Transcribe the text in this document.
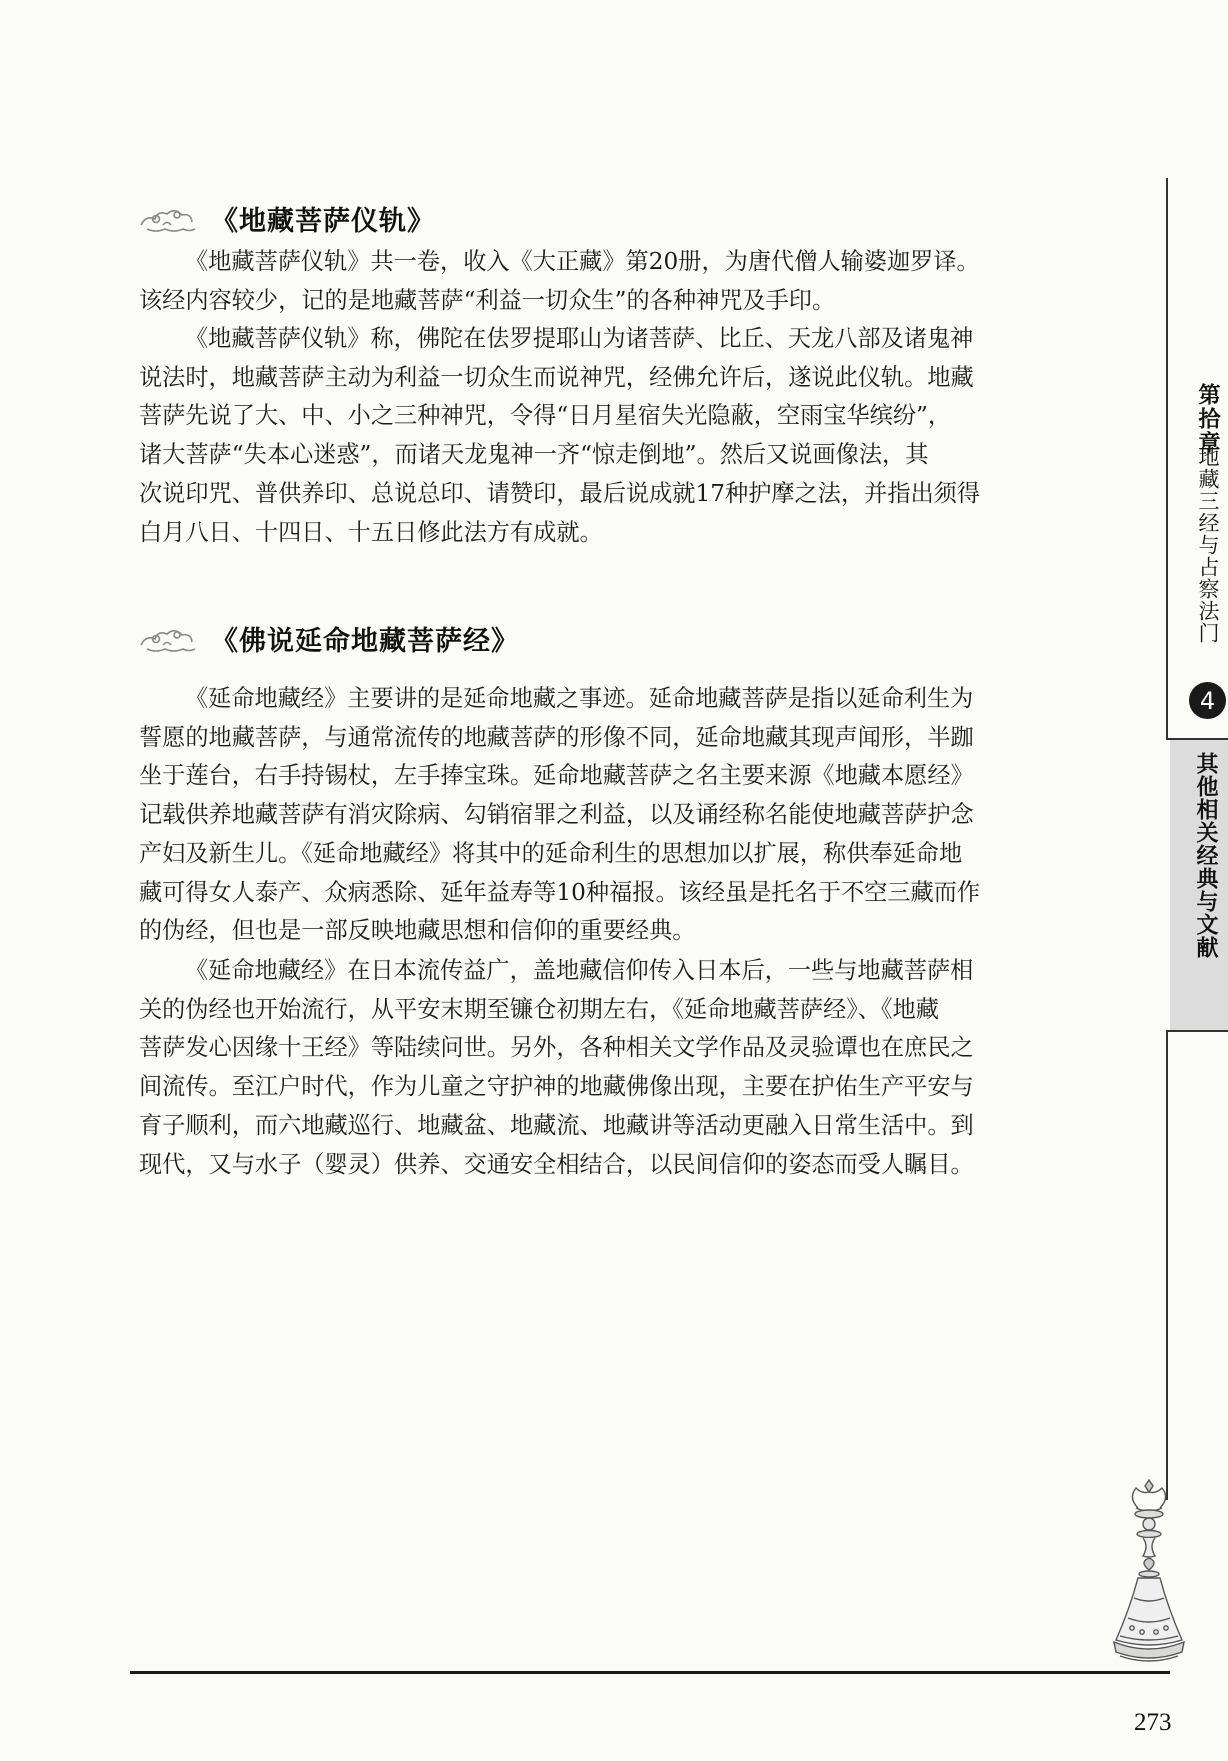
《地藏菩萨仪轨》

《地藏菩萨仪轨》共一卷，收入《大正藏》第20册，为唐代僧人输婆迦罗译。
该经内容较少，记的是地藏菩萨“利益一切众生”的各种神咒及手印。

《地藏菩萨仪轨》称，佛陀在佉罗提耶山为诸菩萨、比丘、天龙八部及诸鬼神
说法时，地藏菩萨主动为利益一切众生而说神咒，经佛允许后，遂说此仪轨。地藏
菩萨先说了大、中、小之三种神咒，令得“日月星宿失光隐蔽，空雨宝华缤纷”，
诸大菩萨“失本心迷惑”，而诸天龙鬼神一齐“惊走倒地”。然后又说画像法，其
次说印咒、普供养印、总说总印、请赞印，最后说成就17种护摩之法，并指出须得
白月八日、十四日、十五日修此法方有成就。

《佛说延命地藏菩萨经》

《延命地藏经》主要讲的是延命地藏之事迹。延命地藏菩萨是指以延命利生为
誓愿的地藏菩萨，与通常流传的地藏菩萨的形像不同，延命地藏其现声闻形，半跏
坐于莲台，右手持锡杖，左手捧宝珠。延命地藏菩萨之名主要来源《地藏本愿经》
记载供养地藏菩萨有消灾除病、勾销宿罪之利益，以及诵经称名能使地藏菩萨护念
产妇及新生儿。《延命地藏经》将其中的延命利生的思想加以扩展，称供奉延命地
藏可得女人泰产、众病悉除、延年益寿等10种福报。该经虽是托名于不空三藏而作
的伪经，但也是一部反映地藏思想和信仰的重要经典。

《延命地藏经》在日本流传益广，盖地藏信仰传入日本后，一些与地藏菩萨相
关的伪经也开始流行，从平安末期至镰仓初期左右，《延命地藏菩萨经》、《地藏
菩萨发心因缘十王经》等陆续问世。另外，各种相关文学作品及灵验谭也在庶民之
间流传。至江户时代，作为儿童之守护神的地藏佛像出现，主要在护佑生产平安与
育子顺利，而六地藏巡行、地藏盆、地藏流、地藏讲等活动更融入日常生活中。到
现代，又与水子（婴灵）供养、交通安全相结合，以民间信仰的姿态而受人瞩目。

第拾章
地藏三经与占察法门
4
其他相关经典与文献
273
